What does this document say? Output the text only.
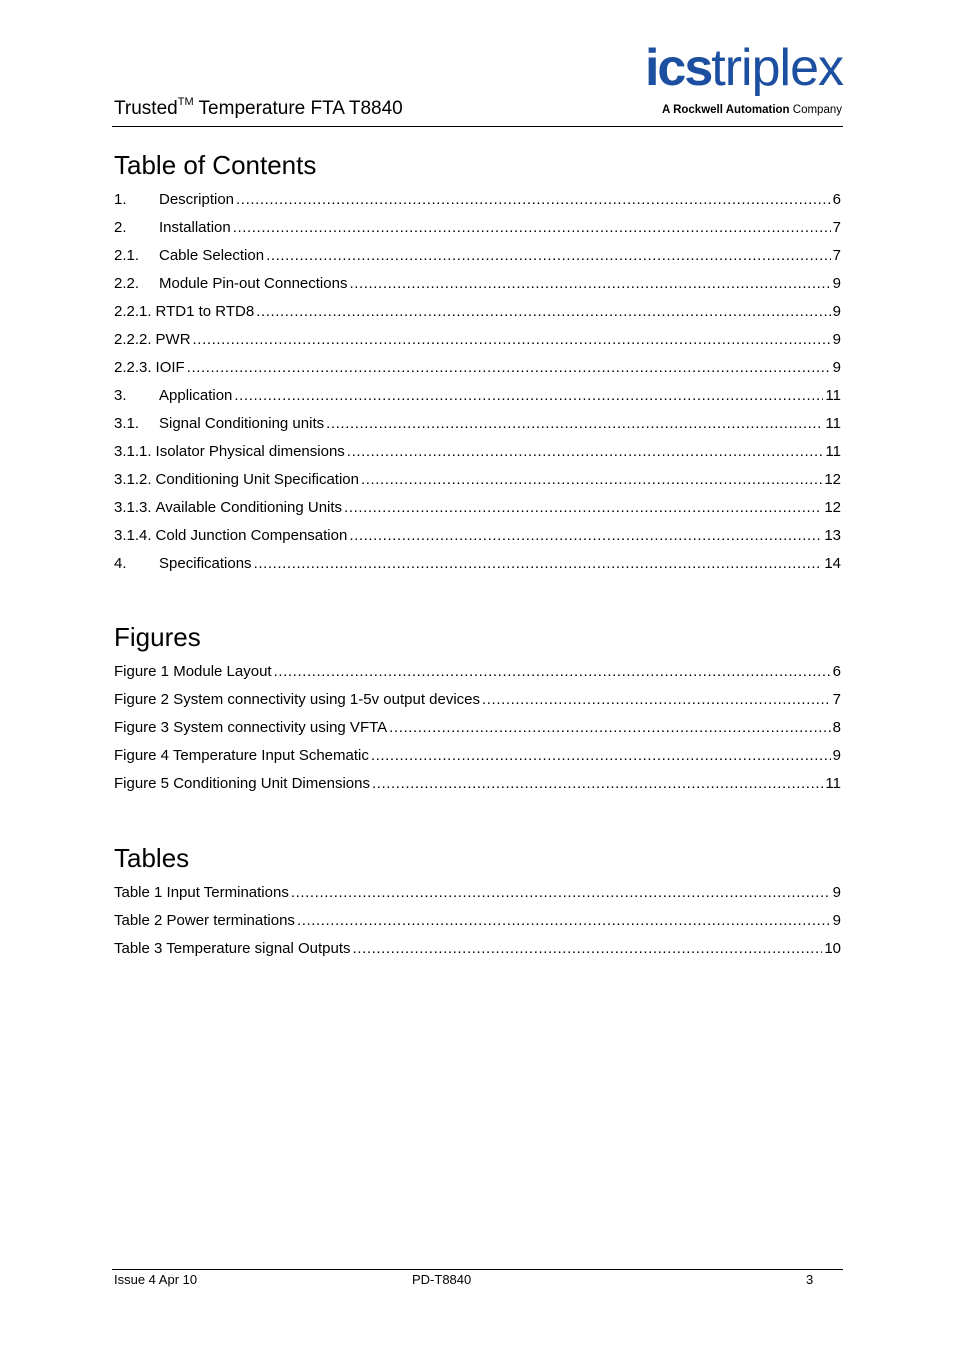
Trusted™ Temperature FTA T8840
icstriplex
A Rockwell Automation Company
Table of Contents
1.	Description .....	6
2.	Installation .....	7
2.1.	Cable Selection .....	7
2.2.	Module Pin-out Connections .....	9
2.2.1. RTD1 to RTD8 .....	9
2.2.2. PWR .....	9
2.2.3. IOIF .....	9
3.	Application .....	11
3.1.	Signal Conditioning units .....	11
3.1.1. Isolator Physical dimensions .....	11
3.1.2. Conditioning Unit Specification .....	12
3.1.3. Available Conditioning Units .....	12
3.1.4. Cold Junction Compensation .....	13
4.	Specifications .....	14
Figures
Figure 1 Module Layout .....	6
Figure 2 System connectivity using 1-5v output devices .....	7
Figure 3 System connectivity using VFTA .....	8
Figure 4 Temperature Input Schematic .....	9
Figure 5 Conditioning Unit Dimensions .....	11
Tables
Table 1 Input Terminations .....	9
Table 2 Power terminations .....	9
Table 3 Temperature signal Outputs .....	10
Issue 4 Apr 10	PD-T8840	3
